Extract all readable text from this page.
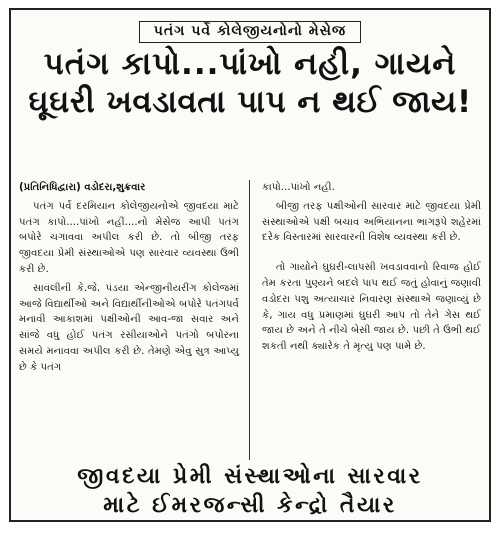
પતંગ પર્વે કોલેજીયનોનો મેસેજ
પતંગ કાપો...પાંખો નહી, ગાયને
ઘૂઘરી ખવડાવતા પાપ ન થઈ જાય!

(પ્રતિનિધિદ્વારા) વડોદરા,શુક્રવાર

પતંગ પર્વ દરમિયાન કોલેજીયનોએ જીવદયા માટે પતંગ કાપો....પાંખો નહીં....નો મેસેજ આપી પતંગ બપોરે ચગાવવા અપીલ કરી છે. તો બીજી તરફ જીવદયા પ્રેમી સંસ્થાઓએ પણ સારવાર વ્યવસ્થા ઉભી કરી છે.

સાવલીની કે.જે. પંડયા એન્જીનીયરીંગ કોલેજમાં આજે વિદ્યાર્થીઓ અને વિદ્યાર્થીનીઓએ બપોરે પતંગપર્વ મનાવી આકાશમાં પક્ષીઓની આવ-જા સવાર અને સાંજે વધુ હોઈ પતંગ રસીયાઓને પતંગો બપોરના સમયે મનાવવા અપીલ કરી છે. તેમણે એવુ સુત્ર આપ્યુ છે કે પતંગ

કાપો...પાંખો નહી.

બીજી તરફ પક્ષીઓની સારવાર માટે જીવદયા પ્રેમી સંસ્થાઓએ પક્ષી બચાવ અભિયાનના ભાગરૂપે શહેરમાં દરેક વિસ્તારમાં સારવારની વિશેષ વ્યવસ્થા કરી છે.

તો ગાયોને ઘુઘરી-લાપસી ખવડાવવાનો રિવાજ હોઈ તેમ કરતા પુણ્યને બદલે પાપ થઈ જતું હોવાનું જણાવી વડોદરા પશુ અત્યાચાર નિવારણ સંસ્થાએ જણાવ્યું છે કે, ગાય વધુ પ્રમાણમાં ઘુઘરી આપ તો તેને ગેસ થઈ જાય છે અને તે નીચે બેસી જાય છે. પછી તે ઉભી થઈ શકતી નથી ક્યારેક તે મૃત્યુ પણ પામે છે.

જીવદયા પ્રેમી સંસ્થાઓના સારવાર
માટે ઈમરજન્સી કેન્દ્રો તૈયાર
